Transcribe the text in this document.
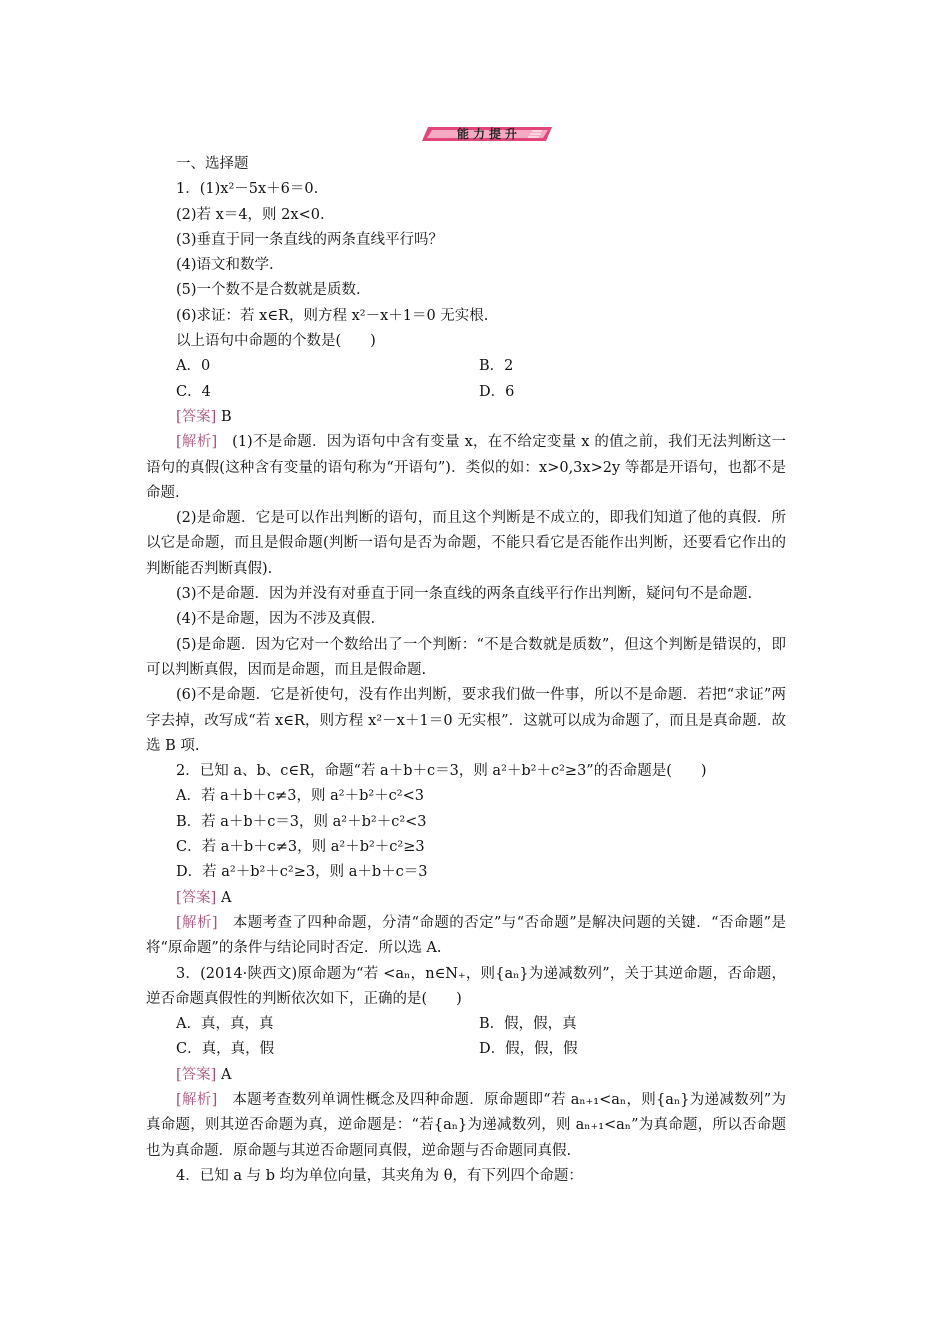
能力提升
一、选择题
1．(1)x²－5x＋6＝0.
(2)若 x＝4，则 2x<0.
(3)垂直于同一条直线的两条直线平行吗？
(4)语文和数学.
(5)一个数不是合数就是质数.
(6)求证：若 x∈R，则方程 x²－x＋1＝0 无实根.
以上语句中命题的个数是(　　)
A．0	B．2
C．4	D．6
[答案] B
[解析]　 (1)不是命题．因为语句中含有变量 x，在不给定变量 x 的值之前，我们无法判断这一语句的真假(这种含有变量的语句称为“开语句”)．类似的如：x>0,3x>2y 等都是开语句，也都不是命题.
(2)是命题．它是可以作出判断的语句，而且这个判断是不成立的，即我们知道了他的真假．所以它是命题，而且是假命题(判断一语句是否为命题，不能只看它是否能作出判断，还要看它作出的判断能否判断真假).
(3)不是命题．因为并没有对垂直于同一条直线的两条直线平行作出判断，疑问句不是命题.
(4)不是命题，因为不涉及真假.
(5)是命题．因为它对一个数给出了一个判断：“不是合数就是质数”，但这个判断是错误的，即可以判断真假，因而是命题，而且是假命题.
(6)不是命题．它是祈使句，没有作出判断，要求我们做一件事，所以不是命题．若把“求证”两字去掉，改写成“若 x∈R，则方程 x²－x＋1＝0 无实根”．这就可以成为命题了，而且是真命题．故选 B 项.
2．已知 a、b、c∈R，命题“若 a＋b＋c＝3，则 a²＋b²＋c²≥3”的否命题是(　　)
A．若 a＋b＋c≠3，则 a²＋b²＋c²<3
B．若 a＋b＋c＝3，则 a²＋b²＋c²<3
C．若 a＋b＋c≠3，则 a²＋b²＋c²≥3
D．若 a²＋b²＋c²≥3，则 a＋b＋c＝3
[答案] A
[解析]　 本题考查了四种命题，分清“命题的否定”与“否命题”是解决问题的关键．“否命题”是将“原命题”的条件与结论同时否定．所以选 A.
3．(2014·陕西文)原命题为“若 <aₙ，n∈N₊，则{aₙ}为递减数列”，关于其逆命题，否命题，逆否命题真假性的判断依次如下，正确的是(　　)
A．真，真，真	B．假，假，真
C．真，真，假	D．假，假，假
[答案] A
[解析]　 本题考查数列单调性概念及四种命题．原命题即“若 aₙ₊₁<aₙ，则{aₙ}为递减数列”为真命题，则其逆否命题为真，逆命题是：“若{aₙ}为递减数列，则 aₙ₊₁<aₙ”为真命题，所以否命题也为真命题．原命题与其逆否命题同真假，逆命题与否命题同真假.
4．已知 a 与 b 均为单位向量，其夹角为 θ，有下列四个命题：
